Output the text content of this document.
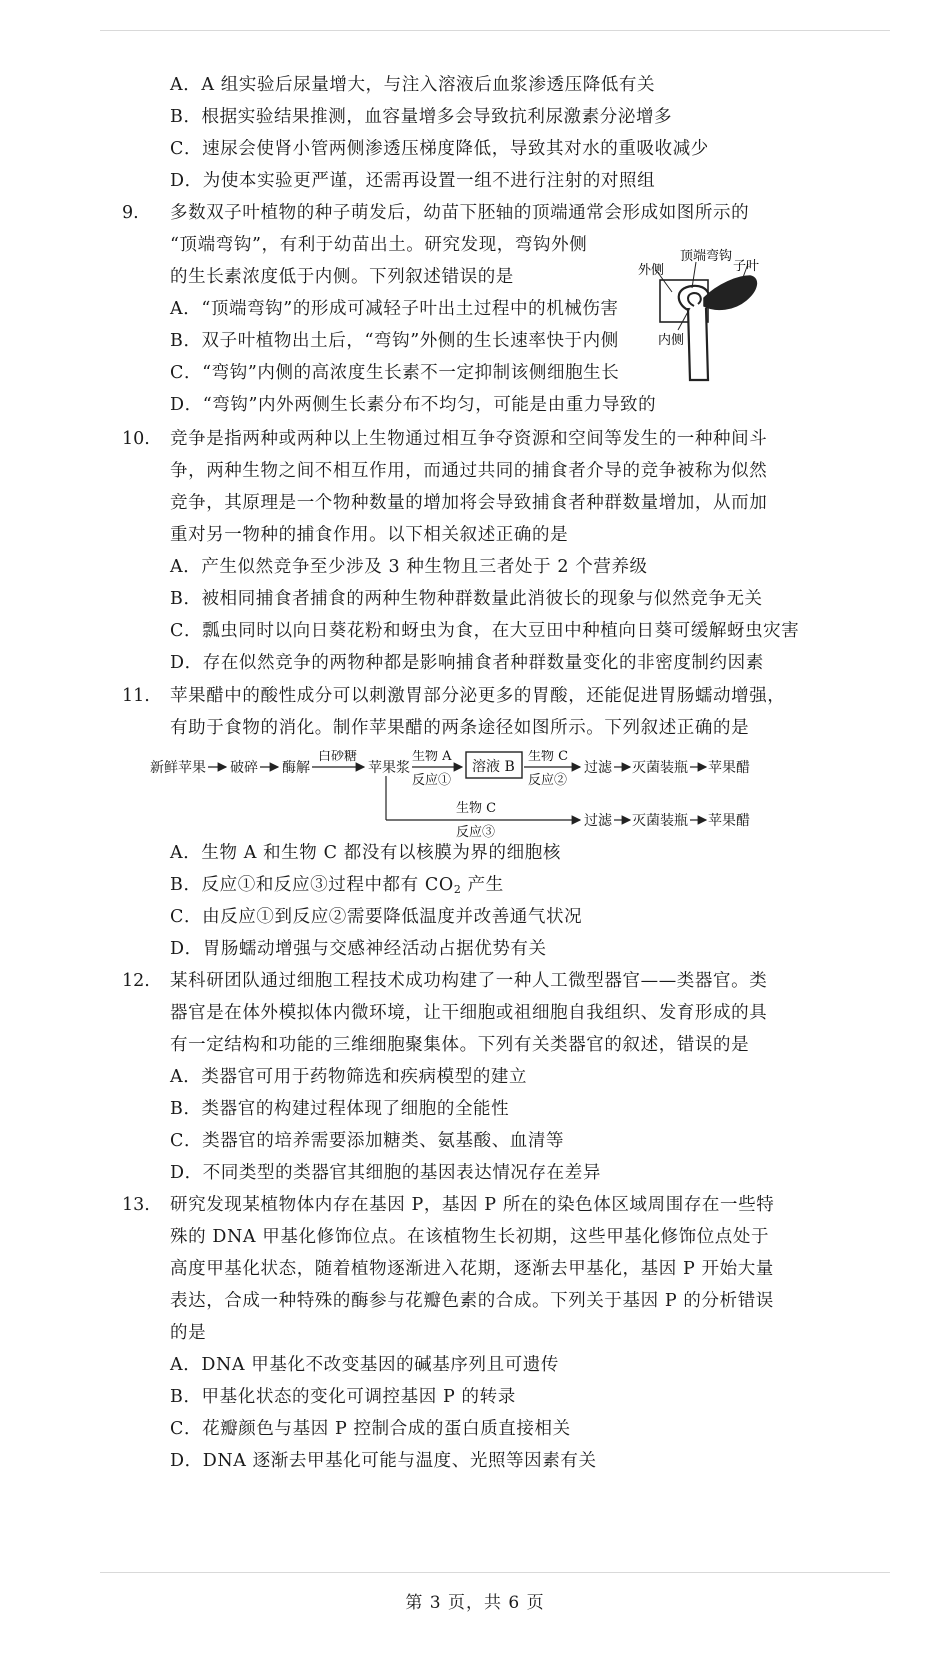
A．A 组实验后尿量增大，与注入溶液后血浆渗透压降低有关
B．根据实验结果推测，血容量增多会导致抗利尿激素分泌增多
C．速尿会使肾小管两侧渗透压梯度降低，导致其对水的重吸收减少
D．为使本实验更严谨，还需再设置一组不进行注射的对照组
9. 多数双子叶植物的种子萌发后，幼苗下胚轴的顶端通常会形成如图所示的
“顶端弯钩”，有利于幼苗出土。研究发现，弯钩外侧
的生长素浓度低于内侧。下列叙述错误的是
A．“顶端弯钩”的形成可减轻子叶出土过程中的机械伤害
B．双子叶植物出土后，“弯钩”外侧的生长速率快于内侧
C．“弯钩”内侧的高浓度生长素不一定抑制该侧细胞生长
D．“弯钩”内外两侧生长素分布不均匀，可能是由重力导致的
外侧
顶端弯钩
子叶
内侧
10. 竞争是指两种或两种以上生物通过相互争夺资源和空间等发生的一种种间斗
争，两种生物之间不相互作用，而通过共同的捕食者介导的竞争被称为似然
竞争，其原理是一个物种数量的增加将会导致捕食者种群数量增加，从而加
重对另一物种的捕食作用。以下相关叙述正确的是
A．产生似然竞争至少涉及 3 种生物且三者处于 2 个营养级
B．被相同捕食者捕食的两种生物种群数量此消彼长的现象与似然竞争无关
C．瓢虫同时以向日葵花粉和蚜虫为食，在大豆田中种植向日葵可缓解蚜虫灾害
D．存在似然竞争的两物种都是影响捕食者种群数量变化的非密度制约因素
11. 苹果醋中的酸性成分可以刺激胃部分泌更多的胃酸，还能促进胃肠蠕动增强，
有助于食物的消化。制作苹果醋的两条途径如图所示。下列叙述正确的是
新鲜苹果 破碎 酶解
白砂糖
苹果浆
生物 A
反应①
溶液 B
生物 C
反应②
过滤 灭菌装瓶 苹果醋
生物 C
反应③
过滤 灭菌装瓶 苹果醋
A．生物 A 和生物 C 都没有以核膜为界的细胞核
B．反应①和反应③过程中都有 $CO_2$ 产生
C．由反应①到反应②需要降低温度并改善通气状况
D．胃肠蠕动增强与交感神经活动占据优势有关
12. 某科研团队通过细胞工程技术成功构建了一种人工微型器官——类器官。类
器官是在体外模拟体内微环境，让干细胞或祖细胞自我组织、发育形成的具
有一定结构和功能的三维细胞聚集体。下列有关类器官的叙述，错误的是
A．类器官可用于药物筛选和疾病模型的建立
B．类器官的构建过程体现了细胞的全能性
C．类器官的培养需要添加糖类、氨基酸、血清等
D．不同类型的类器官其细胞的基因表达情况存在差异
13. 研究发现某植物体内存在基因 P，基因 P 所在的染色体区域周围存在一些特
殊的 DNA 甲基化修饰位点。在该植物生长初期，这些甲基化修饰位点处于
高度甲基化状态，随着植物逐渐进入花期，逐渐去甲基化，基因 P 开始大量
表达，合成一种特殊的酶参与花瓣色素的合成。下列关于基因 P 的分析错误
的是
A．DNA 甲基化不改变基因的碱基序列且可遗传
B．甲基化状态的变化可调控基因 P 的转录
C．花瓣颜色与基因 P 控制合成的蛋白质直接相关
D．DNA 逐渐去甲基化可能与温度、光照等因素有关
第 3 页，共 6 页
